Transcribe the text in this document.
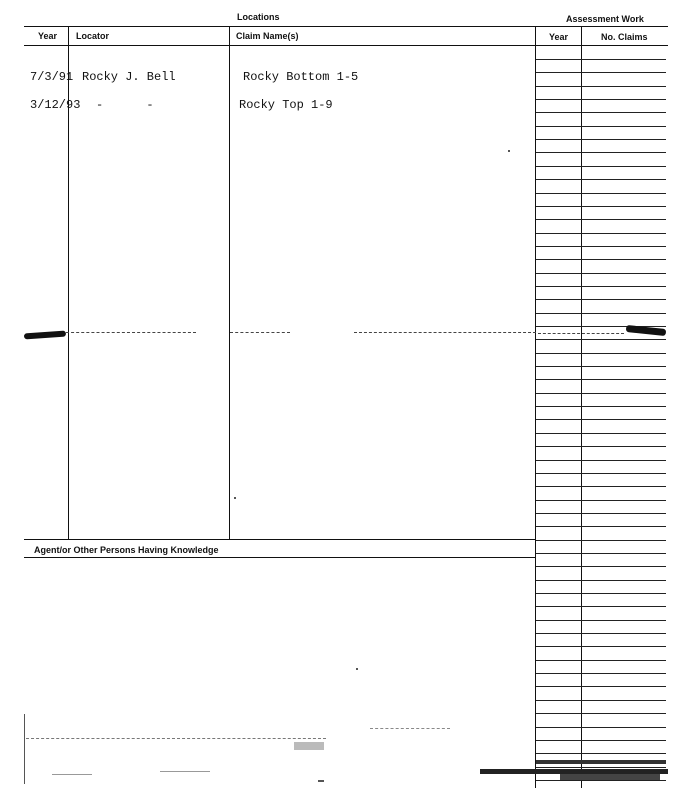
Locations	Assessment Work
Year Locator	Claim Name(s)	Year	No. Claims
Agent/or Other Persons Having Knowledge
7/3/91 Rocky J. Bell	Rocky Bottom 1-5
3/12/93 -      -	Rocky Top 1-9
